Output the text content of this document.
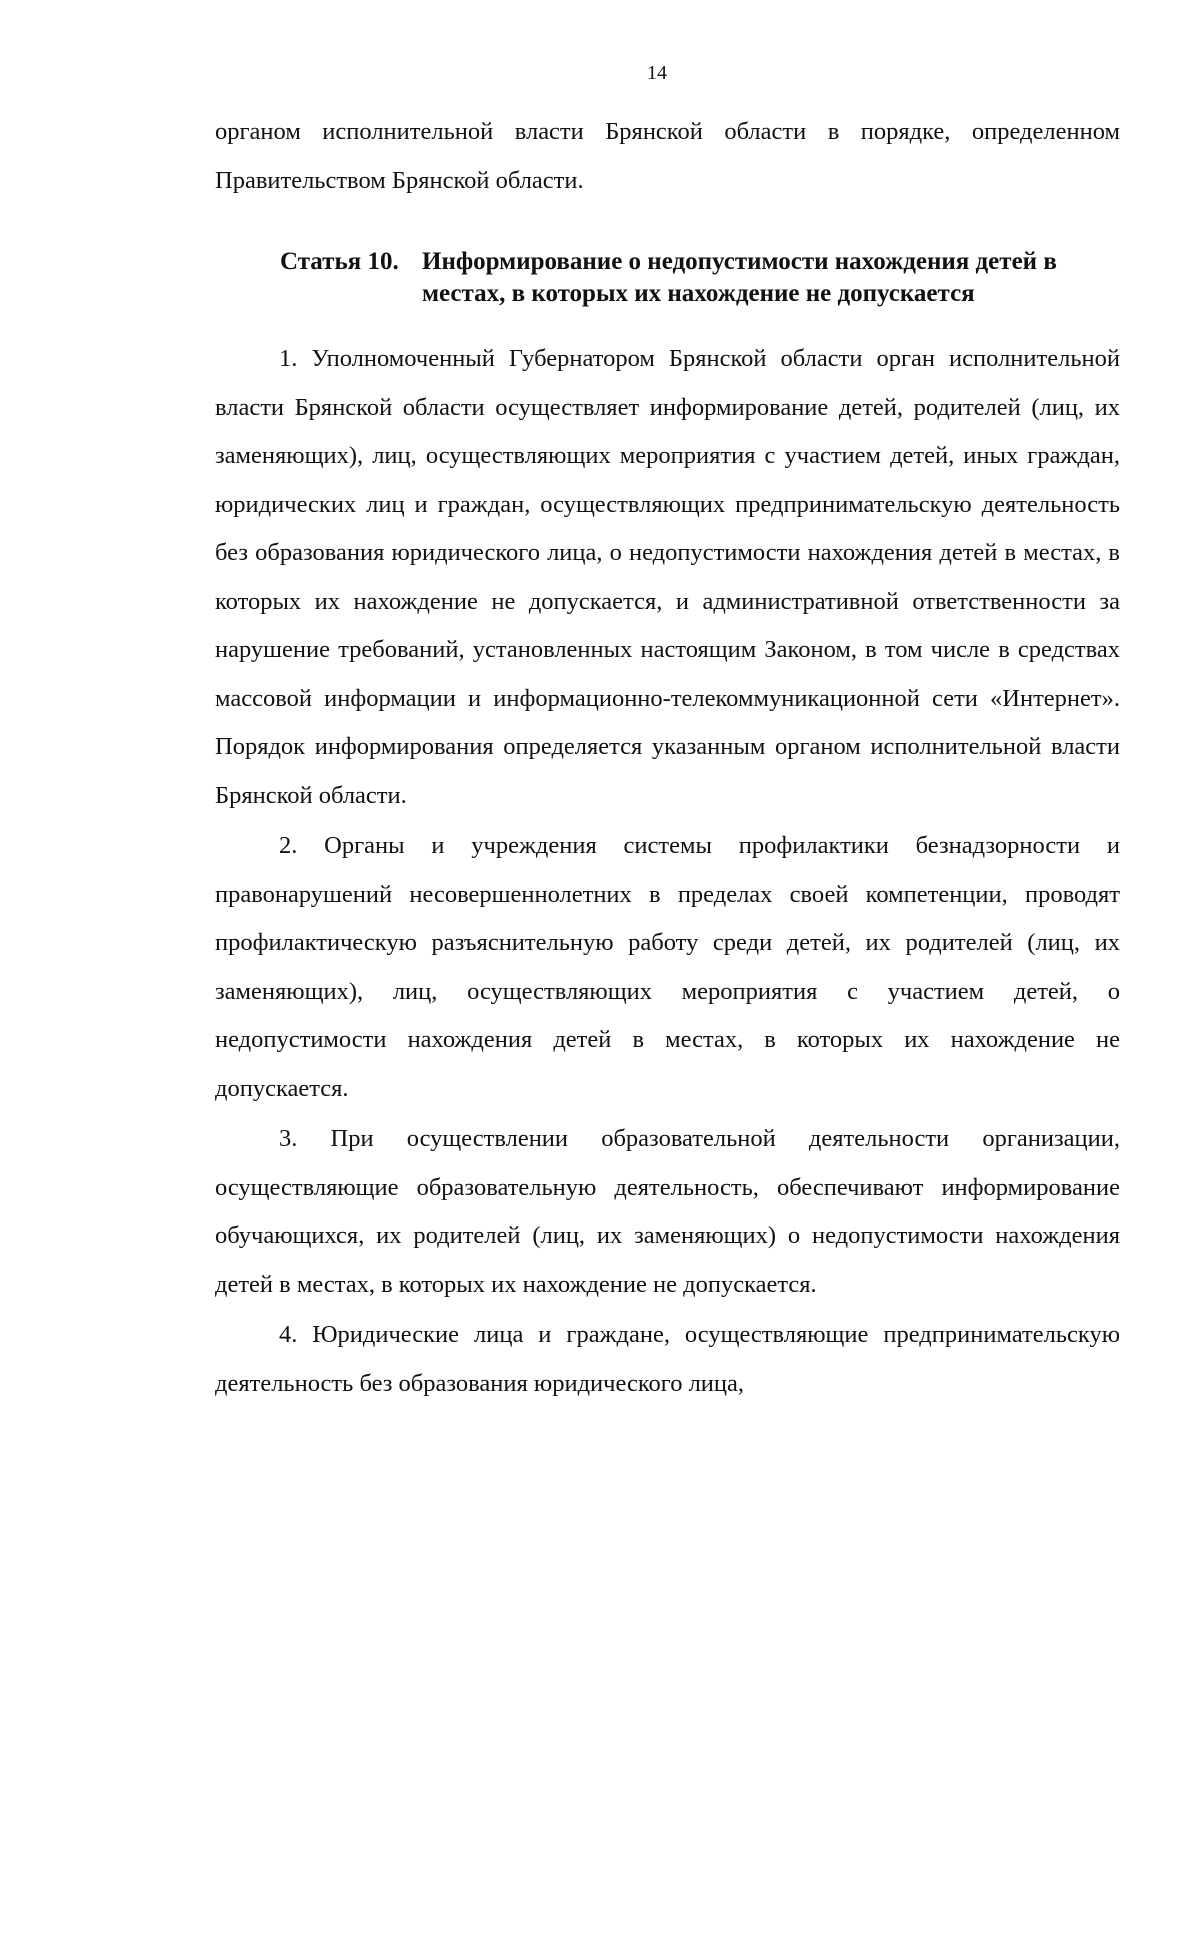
14
органом исполнительной власти Брянской области в порядке, определенном Правительством Брянской области.
Статья 10. Информирование о недопустимости нахождения детей в местах, в которых их нахождение не допускается

1. Уполномоченный Губернатором Брянской области орган исполнительной власти Брянской области осуществляет информирование детей, родителей (лиц, их заменяющих), лиц, осуществляющих мероприятия с участием детей, иных граждан, юридических лиц и граждан, осуществляющих предпринимательскую деятельность без образования юридического лица, о недопустимости нахождения детей в местах, в которых их нахождение не допускается, и административной ответственности за нарушение требований, установленных настоящим Законом, в том числе в средствах массовой информации и информационно-телекоммуникационной сети «Интернет». Порядок информирования определяется указанным органом исполнительной власти Брянской области.

2. Органы и учреждения системы профилактики безнадзорности и правонарушений несовершеннолетних в пределах своей компетенции, проводят профилактическую разъяснительную работу среди детей, их родителей (лиц, их заменяющих), лиц, осуществляющих мероприятия с участием детей, о недопустимости нахождения детей в местах, в которых их нахождение не допускается.

3. При осуществлении образовательной деятельности организации, осуществляющие образовательную деятельность, обеспечивают информирование обучающихся, их родителей (лиц, их заменяющих) о недопустимости нахождения детей в местах, в которых их нахождение не допускается.

4. Юридические лица и граждане, осуществляющие предпринимательскую деятельность без образования юридического лица,
